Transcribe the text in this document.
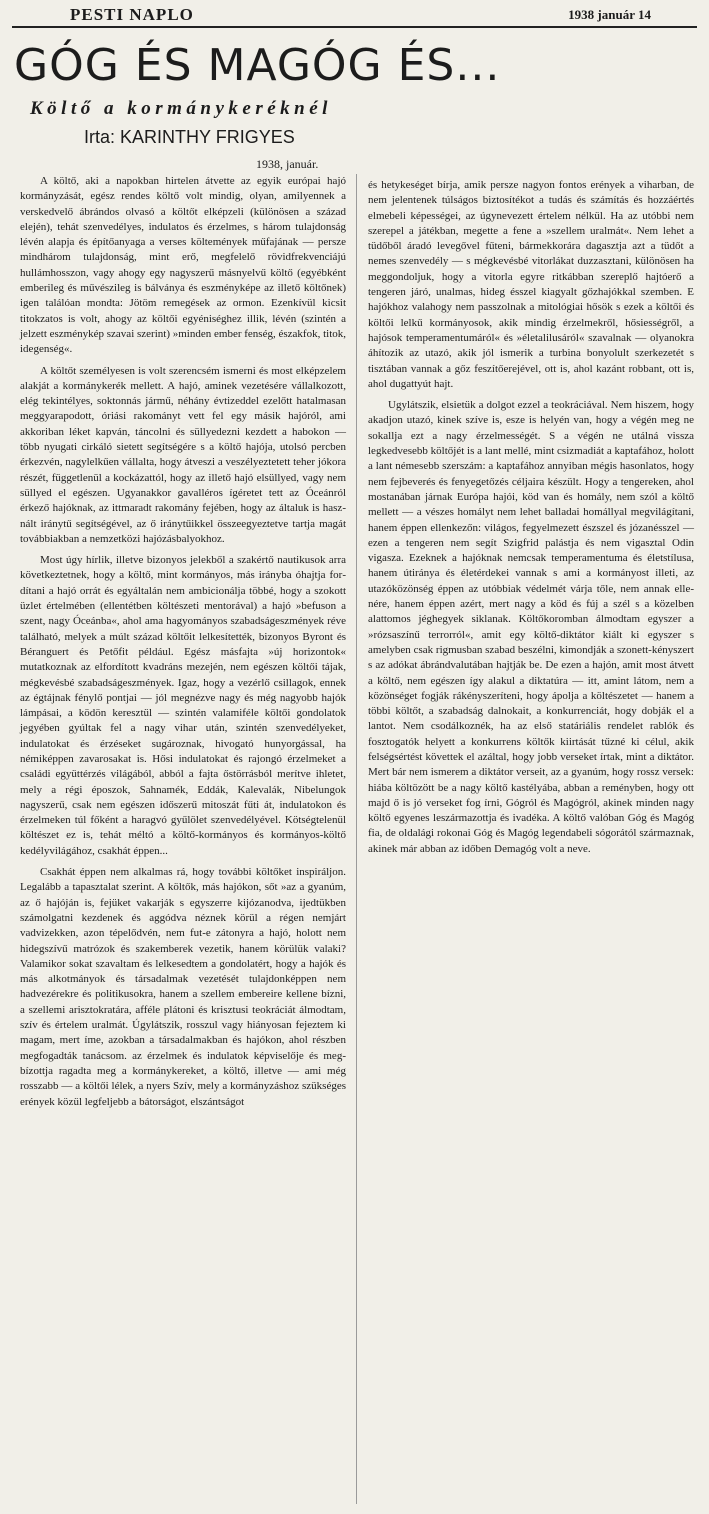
PESTI NAPLO	1938 január 14
GÓG ÉS MAGÓG ÉS...
Költő a kormánykeréknél
Irta: KARINTHY FRIGYES
1938, január.

A költő, aki a napokban hirtelen átvette az egyik európai hajó kormányzását, egész rendes költő volt mindig, olyan, amilyennek a verskedvelő ábrándos olvasó a költőt elképzeli (különösen a század elején), tehát szenvedélyes, indulatos és érzelmes, s három tulajdonság lévén alapja és építőanyaga a verses költemények műfajának — persze mindhárom tulajdonság, mint erő, megfelelő rövidfrekvenciájú hullámhosszon, vagy ahogy egy nagyszerű másnyelvű költő (egyébként emberileg és művészileg is bálványa és eszményképe az illető költőnek) igen találóan mondta: Jötöm remegések az ormon. Ezenkívül kicsit titokzatos is volt, ahogy az költői egyéniséghez illik, lévén (szintén a jelzett eszménykép szavai szerint) »minden ember fenség, északfok, titok, idegenség«.

A költőt személyesen is volt szerencsém ismerni és most elképzelem alakját a kormánykerék mellett. A hajó, aminek vezetésére vállalkozott, elég tekintélyes, soktonnás jármű, néhány évtizeddel ezelőtt hatalmasan meggyarapodott, óriási rakományt vett fel egy másik hajóról, ami akkoriban léket kapván, táncolni és süllyedezni kezdett a habokon — több nyugati cirkáló sietett segítségére s a költő hajója, utolsó percben érkezvén, nagylelkűen vállalta, hogy átveszi a veszélyeztetett teher jókora részét, függetlenül a kockázattól, hogy az illető hajó elsüllyed, vagy nem süllyed el egészen. Ugyanakkor gavalléros ígéretet tett az Óceánról érkező hajóknak, az ittmaradt rakomány fejében, hogy az általuk is használt iránytű segítségével, az ő iránytűikkel összeegyeztetve tartja magát továbbiakban a nemzetközi hajózásbalyokhoz.

Most úgy hírlik, illetve bizonyos jelekből a szakértő nautikusok arra következtetnek, hogy a költő, mint kormányos, más irányba óhajtja fordítani a hajó orrát és egyáltalán nem ambicionálja többé, hogy a szokott üzlet értelmében (ellentétben költészeti mentorával) a hajó »befuson a szent, nagy Óceánba«, ahol ama hagyományos szabadságeszmények réve található, melyek a múlt század költőit lelkesítették, bizonyos Byront és Béranguert és Petőfit például. Egész másfajta »új horizontok« mutatkoznak az elfordított kvadráns mezején, nem egészen költői tájak, mégkevésbé szabadságeszmények. Igaz, hogy a vezérlő csillagok, ennek az égtájnak fénylő pontjai — jól megnézve nagy és még nagyobb hajók lámpásai, a ködön keresztül — szintén valamiféle költői gondolatok jegyében gyúltak fel a nagy vihar után, szintén szenvedélyeket, indulatokat és érzéseket sugároznak, hivogató hunyorgással, ha némiképpen zavarosakat is. Hősi indulatokat és rajongó érzelmeket a családi együttérzés világából, abból a fajta őstörrásból merítve ihletet, mely a régi époszok, Sahnamék, Eddák, Kalevalák, Nibelungok nagyszerű, csak nem egészen időszerű mitoszát fűti át, indulatokon és érzelmeken túl főként a haragvó gyűlölet szenvedélyével. Kötségtelenül költészet ez is, tehát méltó a költő-kormányos és kormányos-költő kedélyvilágához, csakhát éppen...

Csakhát éppen nem alkalmas rá, hogy további költőket inspiráljon. Legalább a tapasztalat szerint. A költők, más hajókon, sőt »az a gyanúm, az ő hajóján is, fejüket vakarják s egyszerre kijózanodva, ijedtükben számolgatni kezdenek és aggódva néznek körül a régen nemjárt vadvizekken, azon tépelődvén, nem fut-e zátonyra a hajó, holott nem hidegszívű matrózok és szakemberek vezetik, hanem körülük valaki? Valamikor sokat szavaltam és lelkesedtem a gondolatért, hogy a hajók és más alkotmányok és társadalmak vezetését tulajdonképpen nem hadvezérekre és politikusokra, hanem a szellem embereire kellene bízni, a szellemi arisztokratára, afféle plátoni és krisztusi teokráciát álmodtam, szív és értelem uralmát. Úgylátszik, rosszul vagy hiányosan fejeztem ki magam, mert íme, azokban a társadalmakban és hajókon, ahol részben megfogadták tanácsom. az érzelmek és indulatok képviselője és megbízottja ragadta meg a kormánykereket, a költő, illetve — ami még rosszabb — a költői lélek, a nyers Szív, mely a kormányzáshoz szükséges erények közül legfeljebb a bátorságot, elszántságot

és hetykeséget bírja, amik persze nagyon fontos erények a viharban, de nem jelentenek túlságos biztosítékot a tudás és számítás és hozzáértés elmebeli képességei, az úgynevezett értelem nélkül. Ha az utóbbi nem szerepel a játékban, megette a fene a »szellem uralmát«. Nem lehet a tüdőből áradó levegővel fűteni, bármekkorára dagasztja azt a tüdőt a nemes szenvedély — s mégkevésbé vitorlákat duzzasztani, különösen ha meggondoljuk, hogy a vitorla egyre ritkábban szereplő hajtóerő a tengeren járó, unalmas, hideg ésszel kiagyalt gőzhajókkal szemben. E hajókhoz valahogy nem passzolnak a mitológiai hősök s ezek a költői és költői lelkű kormányosok, akik mindig érzelmekről, hősiességről, a hajósok temperamentumáról« és »életalilusáról« szavalnak — olyanokra áhítozik az utazó, akik jól ismerik a turbina bonyolult szerkezetét s tisztában vannak a gőz feszítőerejével, ott is, ahol kazánt robbant, ott is, ahol dugattyút hajt.

Ugylátszik, elsietük a dolgot ezzel a teokráciával. Nem hiszem, hogy akadjon utazó, kinek szíve is, esze is helyén van, hogy a végén meg ne sokallja ezt a nagy érzelmességét. S a végén ne utálná vissza legkedvesebb költőjét is a lant mellé, mint csizmadiát a kaptafához, holott a lant némesebb szerszám: a kaptafához annyiban mégis hasonlatos, hogy nem fejbeverés és fenyegetőzés céljaira készült. Hogy a tengereken, ahol mostanában járnak Európa hajói, köd van és homály, nem szól a költő mellett — a vészes homályt nem lehet balladai homállyal megvilágítani, hanem éppen ellenkezőn: világos, fegyelmezett észszel és józanésszel — ezen a tengeren nem segít Szigfrid palástja és nem vigasztal Odin vigasza. Ezeknek a hajóknak nemcsak temperamentuma és életstílusa, hanem útiránya és életérdekei vannak s ami a kormányost illeti, az utazóközönség éppen az utóbbiak védelmét várja tőle, nem annak ellenére, hanem éppen azért, mert nagy a köd és fúj a szél s a közelben alattomos jéghegyek siklanak. Költőkoromban álmodtam egyszer a »rózsaszínű terrorról«, amit egy költő-diktátor kiált ki egyszer s amelyben csak rigmusban szabad beszélni, kimondják a szonett-kényszert s az adókat ábrándvalutában hajtják be. De ezen a hajón, amit most átvett a költő, nem egészen így alakul a diktatúra — itt, amint látom, nem a közönséget fogják rákényszeríteni, hogy ápolja a költészetet — hanem a többi költőt, a szabadság dalnokait, a konkurrenciát, hogy dobják el a lantot. Nem csodálkoznék, ha az első statáriális rendelet rablók és fosztogatók helyett a konkurrens költők kiirtását tűzné ki célul, akik felségsértést követtek el azáltal, hogy jobb verseket írtak, mint a diktátor. Mert bár nem ismerem a diktátor verseit, az a gyanúm, hogy rossz versek: hiába költözött be a nagy költő kastélyába, abban a reményben, hogy ott majd ő is jó verseket fog írni, Gógról és Magógról, akinek minden nagy költő egyenes leszármazottja és ivadéka. A költő valóban Góg és Magóg fia, de oldalági rokonai Góg és Magóg legendabeli sógorától származnak, akinek már abban az időben Demagóg volt a neve.
